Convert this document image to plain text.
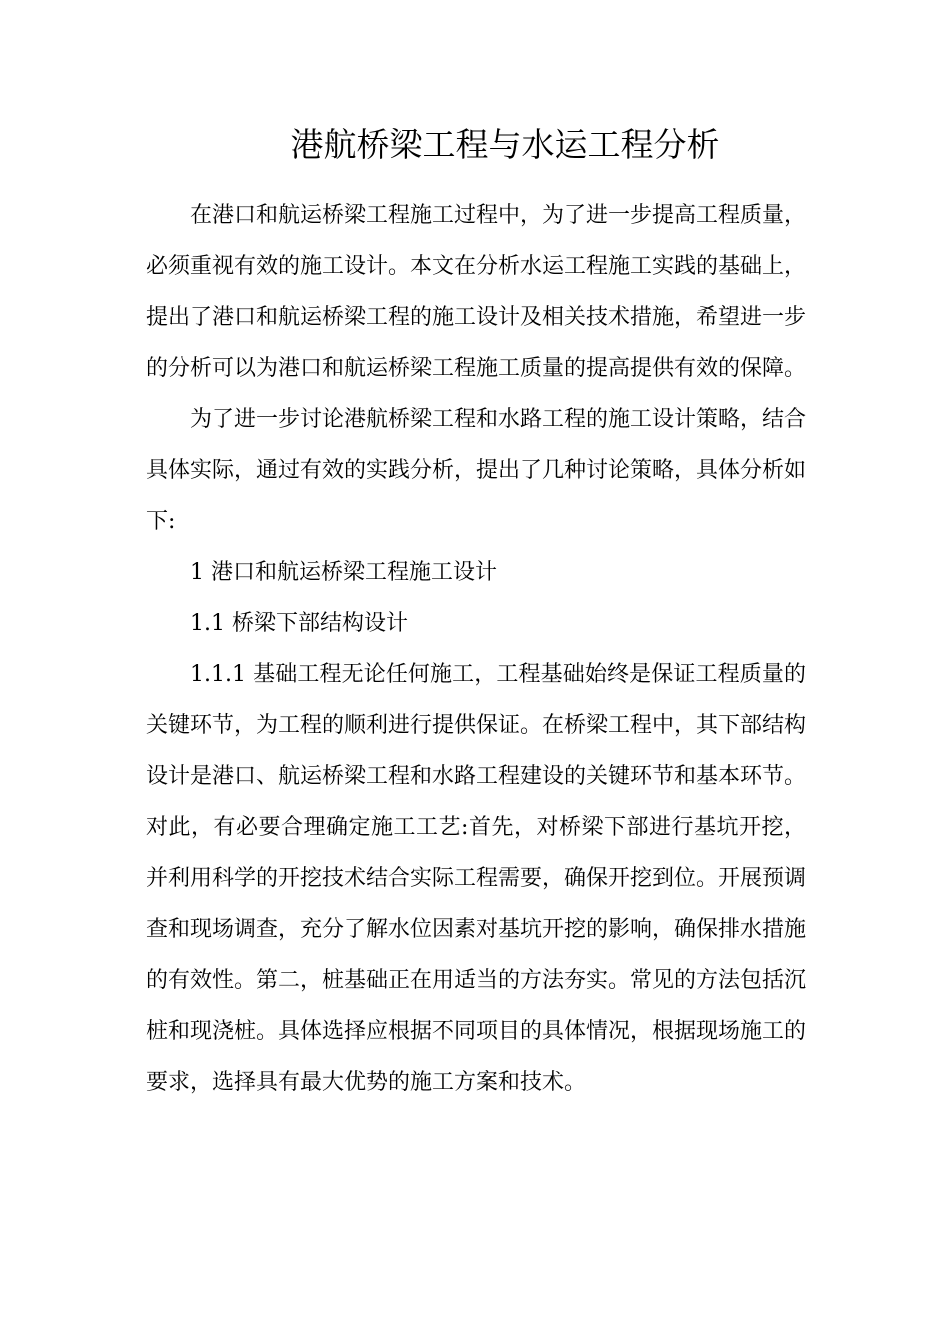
港航桥梁工程与水运工程分析

在港口和航运桥梁工程施工过程中，为了进一步提高工程质量，必须重视有效的施工设计。本文在分析水运工程施工实践的基础上，提出了港口和航运桥梁工程的施工设计及相关技术措施，希望进一步的分析可以为港口和航运桥梁工程施工质量的提高提供有效的保障。

为了进一步讨论港航桥梁工程和水路工程的施工设计策略，结合具体实际，通过有效的实践分析，提出了几种讨论策略，具体分析如下:

1 港口和航运桥梁工程施工设计

1.1 桥梁下部结构设计

1.1.1 基础工程无论任何施工，工程基础始终是保证工程质量的关键环节，为工程的顺利进行提供保证。在桥梁工程中，其下部结构设计是港口、航运桥梁工程和水路工程建设的关键环节和基本环节。对此，有必要合理确定施工工艺:首先，对桥梁下部进行基坑开挖，并利用科学的开挖技术结合实际工程需要，确保开挖到位。开展预调查和现场调查，充分了解水位因素对基坑开挖的影响，确保排水措施的有效性。第二，桩基础正在用适当的方法夯实。常见的方法包括沉桩和现浇桩。具体选择应根据不同项目的具体情况，根据现场施工的要求，选择具有最大优势的施工方案和技术。
